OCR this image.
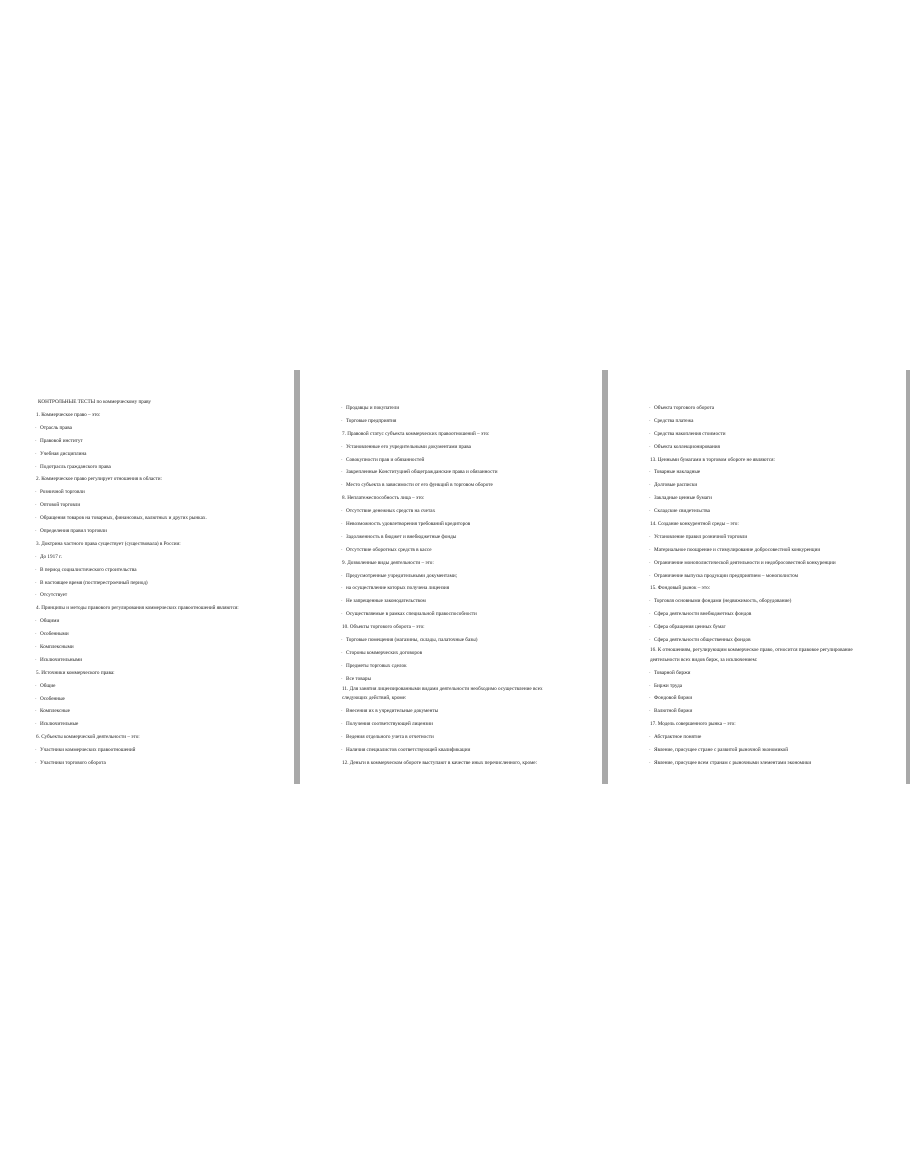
КОНТРОЛЬНЫЕ ТЕСТЫ по коммерческому праву
1. Коммерческое право – это:
- Отрасль права
- Правовой институт
- Учебная дисциплина
- Подотрасль гражданского права
2. Коммерческое право регулирует отношения в области:
- Розничной торговли
- Оптовой торговли
- Обращения товаров на товарных, финансовых, валютных и других рынках.
- Определения правил торговли
3. Доктрина частного права существует (существовала) в России:
- До 1917 г.
- В период социалистического строительства
- В настоящее время (постперестроечный период)
- Отсутствует
4. Принципы и методы правового регулирования коммерческих правоотношений являются:
- Общими
- Особенными
- Комплексными
- Исключительными
5. Источники коммерческого права:
- Общие
- Особенные
- Комплексные
- Исключительные
6. Субъекты коммерческой деятельности – это:
- Участники коммерческих правоотношений
- Участники торгового оборота
- Продавцы и покупатели
- Торговые предприятия
7. Правовой статус субъекта коммерческих правоотношений – это:
- Установленные его учредительными документами права
- Совокупности прав и обязанностей
- Закрепленные Конституцией общегражданские права и обязанности
- Место субъекта в зависимости от его функций в торговом обороте
8. Неплатежеспособность лица – это:
- Отсутствие денежных средств на счетах
- Невозможность удовлетворения требований кредиторов
- Задолженность в бюджет и внебюджетные фонды
- Отсутствие оборотных средств в кассе
9. Дозволенные виды деятельности – это:
- Предусмотренные учредительными документами;
- на осуществление которых получена лицензия
- Не запрещенные законодательством
- Осуществляемые в рамках специальной правоспособности
10. Объекты торгового оборота – это:
- Торговые помещения (магазины, склады, палаточные базы)
- Стороны коммерческих договоров
- Предметы торговых сделок
- Все товары
11. Для занятия лицензированными видами деятельности необходимо осуществление всех
следующих действий, кроме:
- Внесения их в учредительные документы
- Получения соответствующей лицензии
- Ведения отдельного учета в отчетности
- Наличия специалистов соответствующей квалификации
12. Деньги в коммерческом обороте выступают в качестве иных перечисленного, кроме:
- Объекта торгового оборота
- Средства платежа
- Средства накопления стоимости
- Объекта коллекционирования
13. Ценными бумагами в торговом обороте не являются:
- Товарные накладные
- Долговые расписки
- Закладные ценные бумаги
- Складские свидетельства
14. Создание конкурентной среды – это:
- Установление правил розничной торговли
- Материальное поощрение и стимулирование добросовестной конкуренции
- Ограничение монополистической деятельности и недобросовестной конкуренции
- Ограничение выпуска продукции предприятием – монополистом
15. Фондовый рынок – это:
- Торговля основными фондами (недвижимость, оборудование)
- Сфера деятельности внебюджетных фондов
- Сфера обращения ценных бумаг
- Сфера деятельности общественных фондов
16. К отношениям, регулирующим коммерческое право, относится правовое регулирование
деятельности всех видов бирж, за исключением:
- Товарной биржи
- Биржи труда
- Фондовой биржи
- Валютной биржи
17. Модель совершенного рынка – это:
- Абстрактное понятие
- Явление, присущее стране с развитой рыночной экономикой
- Явление, присущее всем странам с рыночными элементами экономики
